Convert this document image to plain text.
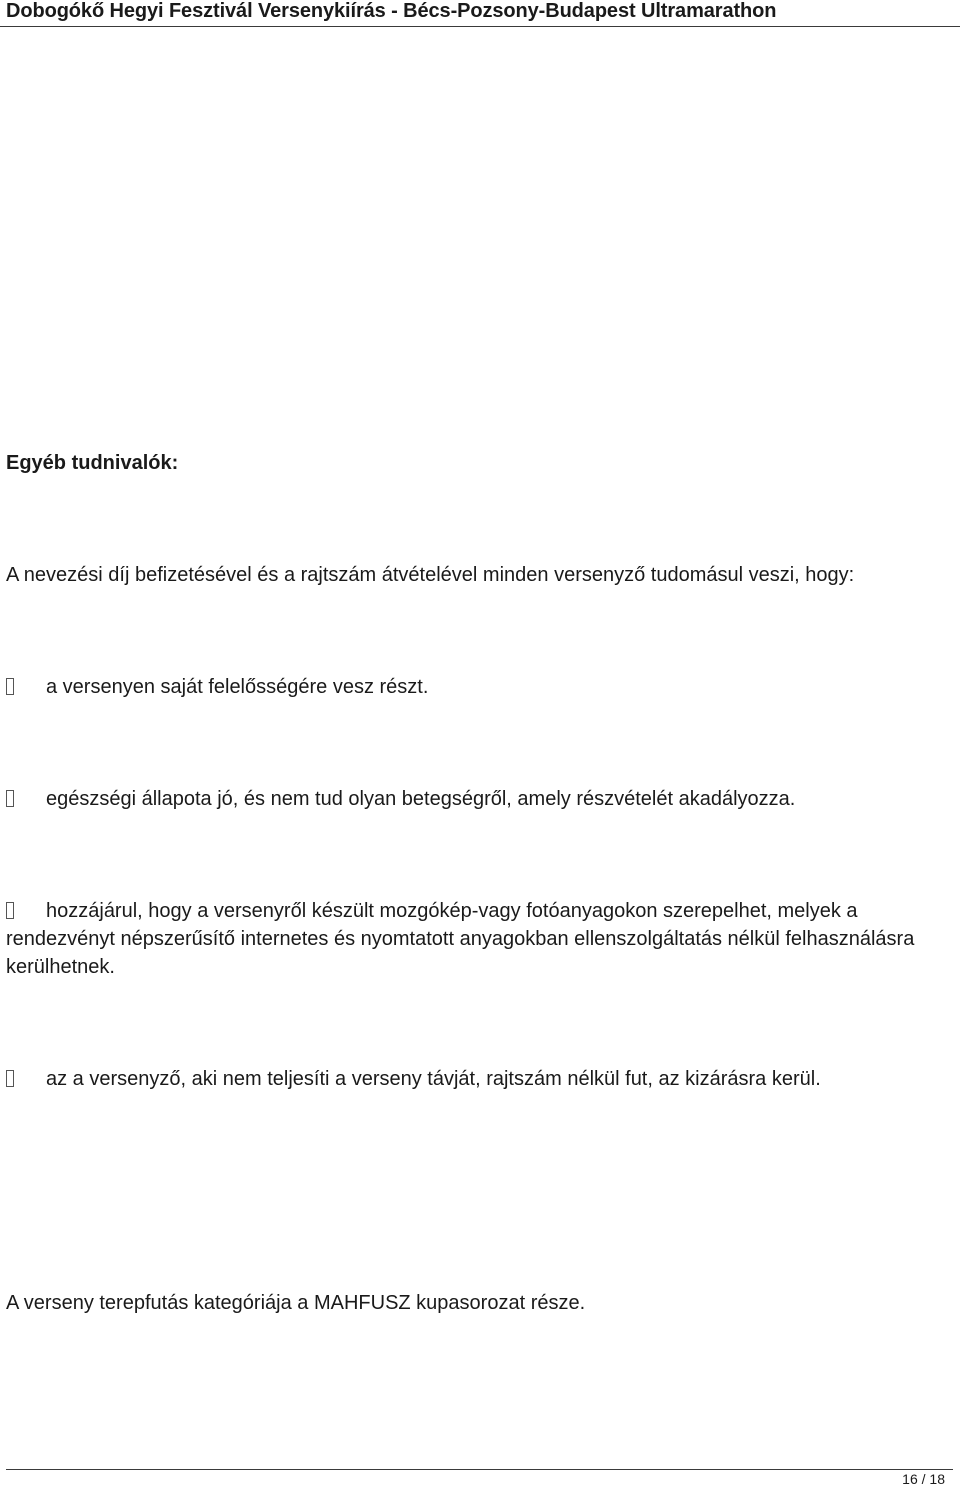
Dobogókő Hegyi Fesztivál Versenykiírás - Bécs-Pozsony-Budapest Ultramarathon
Egyéb tudnivalók:
A nevezési díj befizetésével és a rajtszám átvételével minden versenyző tudomásul veszi, hogy:
a versenyen saját felelősségére vesz részt.
egészségi állapota jó, és nem tud olyan betegségről, amely részvételét akadályozza.
hozzájárul, hogy a versenyről készült mozgókép-vagy fotóanyagokon szerepelhet, melyek a rendezvényt népszerűsítő internetes és nyomtatott anyagokban ellenszolgáltatás nélkül felhasználásra kerülhetnek.
az a versenyző, aki nem teljesíti a verseny távját, rajtszám nélkül fut, az kizárásra kerül.
A verseny terepfutás kategóriája a MAHFUSZ kupasorozat része.
16 / 18
